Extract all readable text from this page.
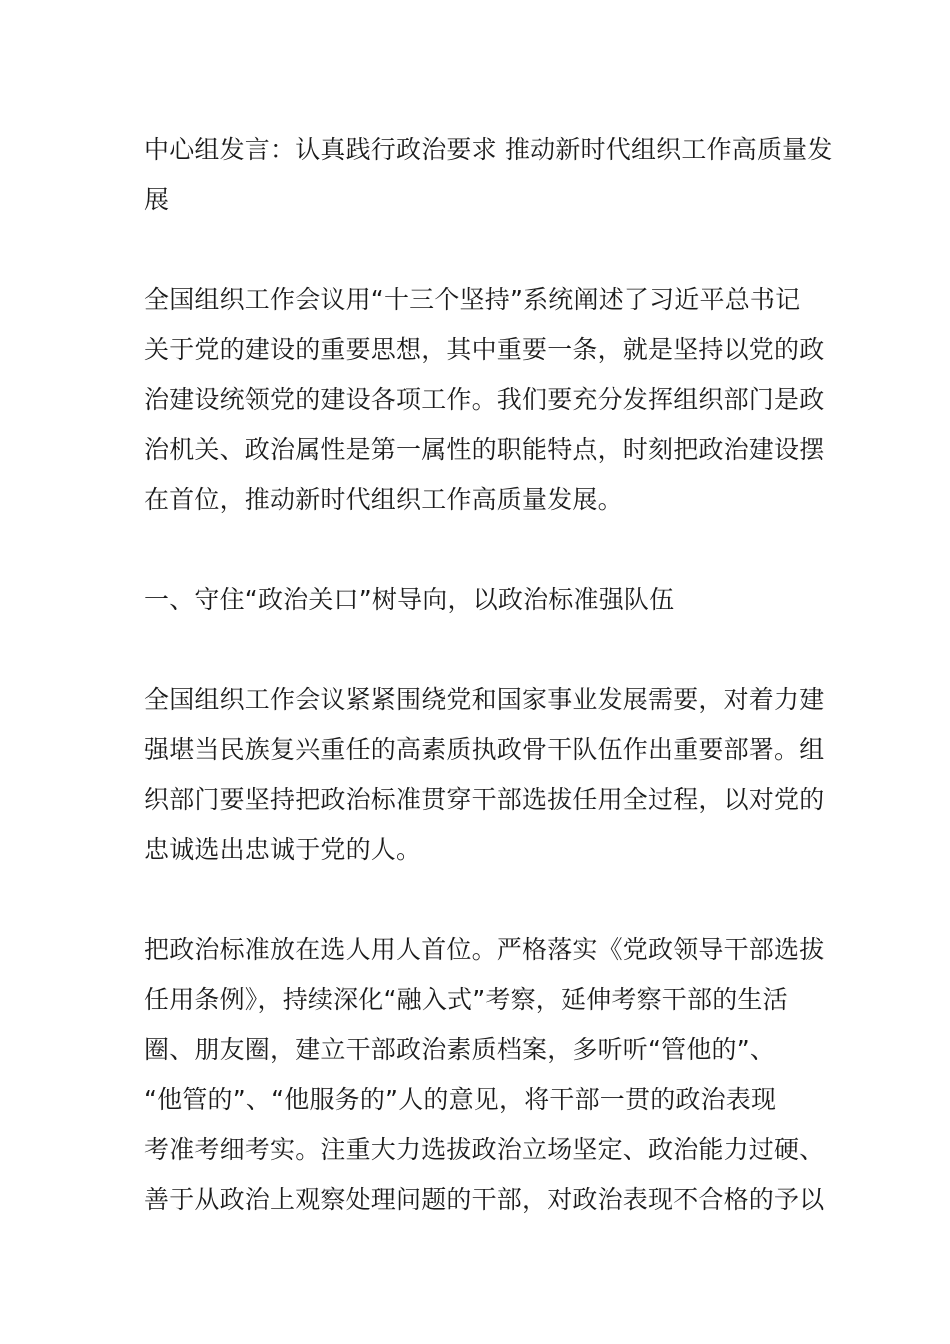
中心组发言：认真践行政治要求 推动新时代组织工作高质量发
展
全国组织工作会议用“十三个坚持”系统阐述了习近平总书记
关于党的建设的重要思想，其中重要一条，就是坚持以党的政
治建设统领党的建设各项工作。我们要充分发挥组织部门是政
治机关、政治属性是第一属性的职能特点，时刻把政治建设摆
在首位，推动新时代组织工作高质量发展。
一、守住“政治关口”树导向，以政治标准强队伍
全国组织工作会议紧紧围绕党和国家事业发展需要，对着力建
强堪当民族复兴重任的高素质执政骨干队伍作出重要部署。组
织部门要坚持把政治标准贯穿干部选拔任用全过程，以对党的
忠诚选出忠诚于党的人。
把政治标准放在选人用人首位。严格落实《党政领导干部选拔
任用条例》，持续深化“融入式”考察，延伸考察干部的生活
圈、朋友圈，建立干部政治素质档案，多听听“管他的”、
“他管的”、“他服务的”人的意见，将干部一贯的政治表现
考准考细考实。注重大力选拔政治立场坚定、政治能力过硬、
善于从政治上观察处理问题的干部，对政治表现不合格的予以
